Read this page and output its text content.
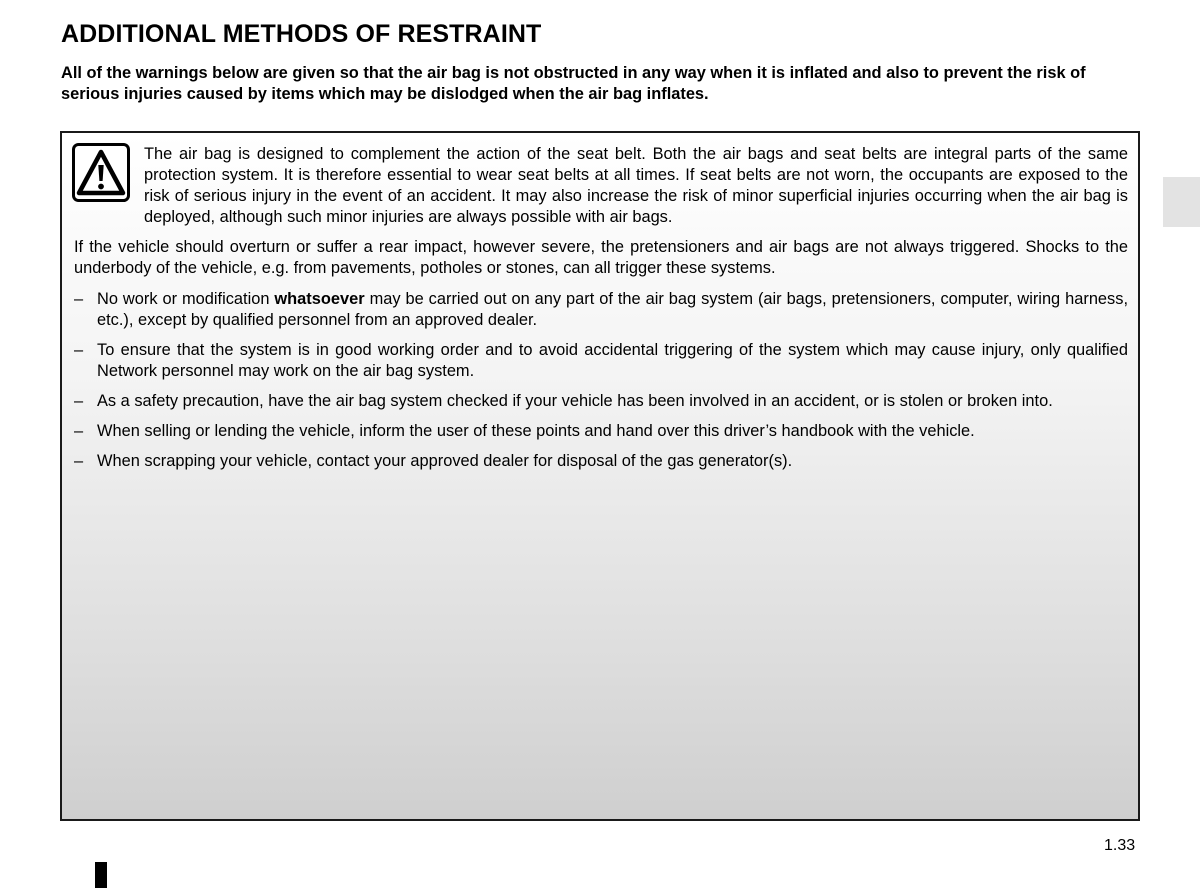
ADDITIONAL METHODS OF RESTRAINT

All of the warnings below are given so that the air bag is not obstructed in any way when it is inflated and also to prevent the risk of serious injuries caused by items which may be dislodged when the air bag inflates.

The air bag is designed to complement the action of the seat belt. Both the air bags and seat belts are integral parts of the same protection system. It is therefore essential to wear seat belts at all times. If seat belts are not worn, the occupants are exposed to the risk of serious injury in the event of an accident. It may also increase the risk of minor superficial injuries occurring when the air bag is deployed, although such minor injuries are always possible with air bags.

If the vehicle should overturn or suffer a rear impact, however severe, the pretensioners and air bags are not always triggered. Shocks to the underbody of the vehicle, e.g. from pavements, potholes or stones, can all trigger these systems.

– No work or modification whatsoever may be carried out on any part of the air bag system (air bags, pretensioners, computer, wiring harness, etc.), except by qualified personnel from an approved dealer.
– To ensure that the system is in good working order and to avoid accidental triggering of the system which may cause injury, only qualified Network personnel may work on the air bag system.
– As a safety precaution, have the air bag system checked if your vehicle has been involved in an accident, or is stolen or broken into.
– When selling or lending the vehicle, inform the user of these points and hand over this driver’s handbook with the vehicle.
– When scrapping your vehicle, contact your approved dealer for disposal of the gas generator(s).
1.33
